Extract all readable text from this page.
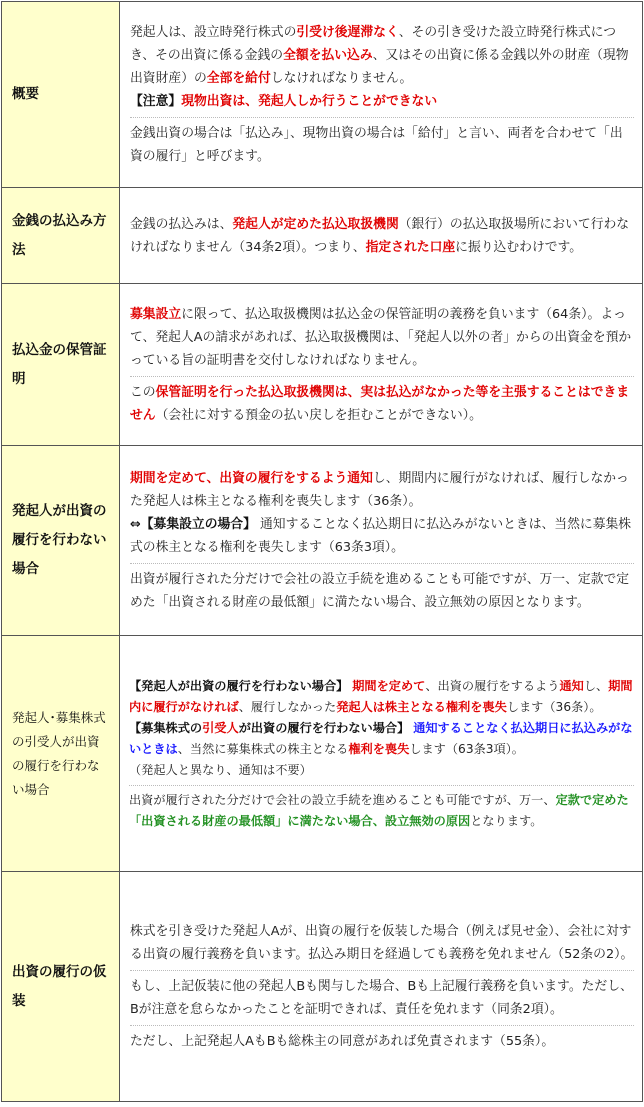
概要	発起人は、設立時発行株式の引受け後遅滞なく、その引き受けた設立時発行株式につき、その出資に係る金銭の全額を払い込み、又はその出資に係る金銭以外の財産（現物出資財産）の全部を給付しなければなりません。
【注意】現物出資は、発起人しか行うことができない
金銭出資の場合は「払込み」、現物出資の場合は「給付」と言い、両者を合わせて「出資の履行」と呼びます。

金銭の払込み方法	金銭の払込みは、発起人が定めた払込取扱機関（銀行）の払込取扱場所において行わなければなりません（34条2項）。つまり、指定された口座に振り込むわけです。

払込金の保管証明	募集設立に限って、払込取扱機関は払込金の保管証明の義務を負います（64条）。よって、発起人Aの請求があれば、払込取扱機関は、「発起人以外の者」からの出資金を預かっている旨の証明書を交付しなければなりません。
この保管証明を行った払込取扱機関は、実は払込がなかった等を主張することはできません（会社に対する預金の払い戻しを拒むことができない）。

発起人が出資の履行を行わない場合	期間を定めて、出資の履行をするよう通知し、期間内に履行がなければ、履行しなかった発起人は株主となる権利を喪失します（36条）。
⇔【募集設立の場合】 通知することなく払込期日に払込みがないときは、当然に募集株式の株主となる権利を喪失します（63条3項）。
出資が履行された分だけで会社の設立手続を進めることも可能ですが、万一、定款で定めた「出資される財産の最低額」に満たない場合、設立無効の原因となります。

発起人･募集株式の引受人が出資の履行を行わない場合	【発起人が出資の履行を行わない場合】 期間を定めて、出資の履行をするよう通知し、期間内に履行がなければ、履行しなかった発起人は株主となる権利を喪失します（36条）。
【募集株式の引受人が出資の履行を行わない場合】 通知することなく払込期日に払込みがないときは、当然に募集株式の株主となる権利を喪失します（63条3項）。
（発起人と異なり、通知は不要）
出資が履行された分だけで会社の設立手続を進めることも可能ですが、万一、定款で定めた「出資される財産の最低額」に満たない場合、設立無効の原因となります。

出資の履行の仮装	株式を引き受けた発起人Aが、出資の履行を仮装した場合（例えば見せ金）、会社に対する出資の履行義務を負います。払込み期日を経過しても義務を免れません（52条の2）。
もし、上記仮装に他の発起人Bも関与した場合、Bも上記履行義務を負います。ただし、Bが注意を怠らなかったことを証明できれば、責任を免れます（同条2項）。
ただし、上記発起人AもBも総株主の同意があれば免責されます（55条）。
